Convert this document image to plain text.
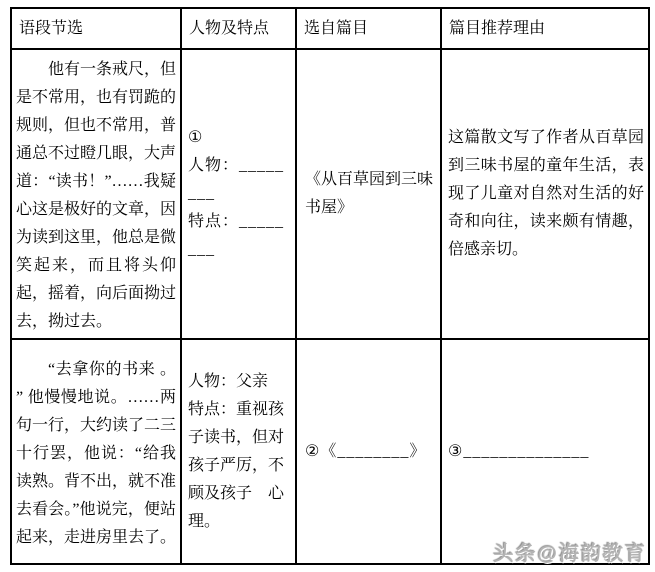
语段节选	人物及特点	选自篇目	篇目推荐理由

他有一条戒尺，但是不常用，也有罚跪的规则，但也不常用，普通总不过瞪几眼，大声道：“读书！”……我疑心这是极好的文章，因为读到这里，他总是微笑起来，而且将头仰起，摇着，向后面拗过去，拗过去。	①
人物：________
特点：________	《从百草园到三味书屋》	这篇散文写了作者从百草园到三味书屋的童年生活，表现了儿童对自然对生活的好奇和向往，读来颇有情趣，倍感亲切。

“去拿你的书来 。 ” 他慢慢地说。……两句一行，大约读了二三十行罢，他说：“给我读熟。背不出，就不准去看会。”他说完，便站起来，走进房里去了。	人物：父亲
特点：重视孩子读书，但对孩子严厉，不顾及孩子　心理。	②《________》	③______________
头条@海韵教育
